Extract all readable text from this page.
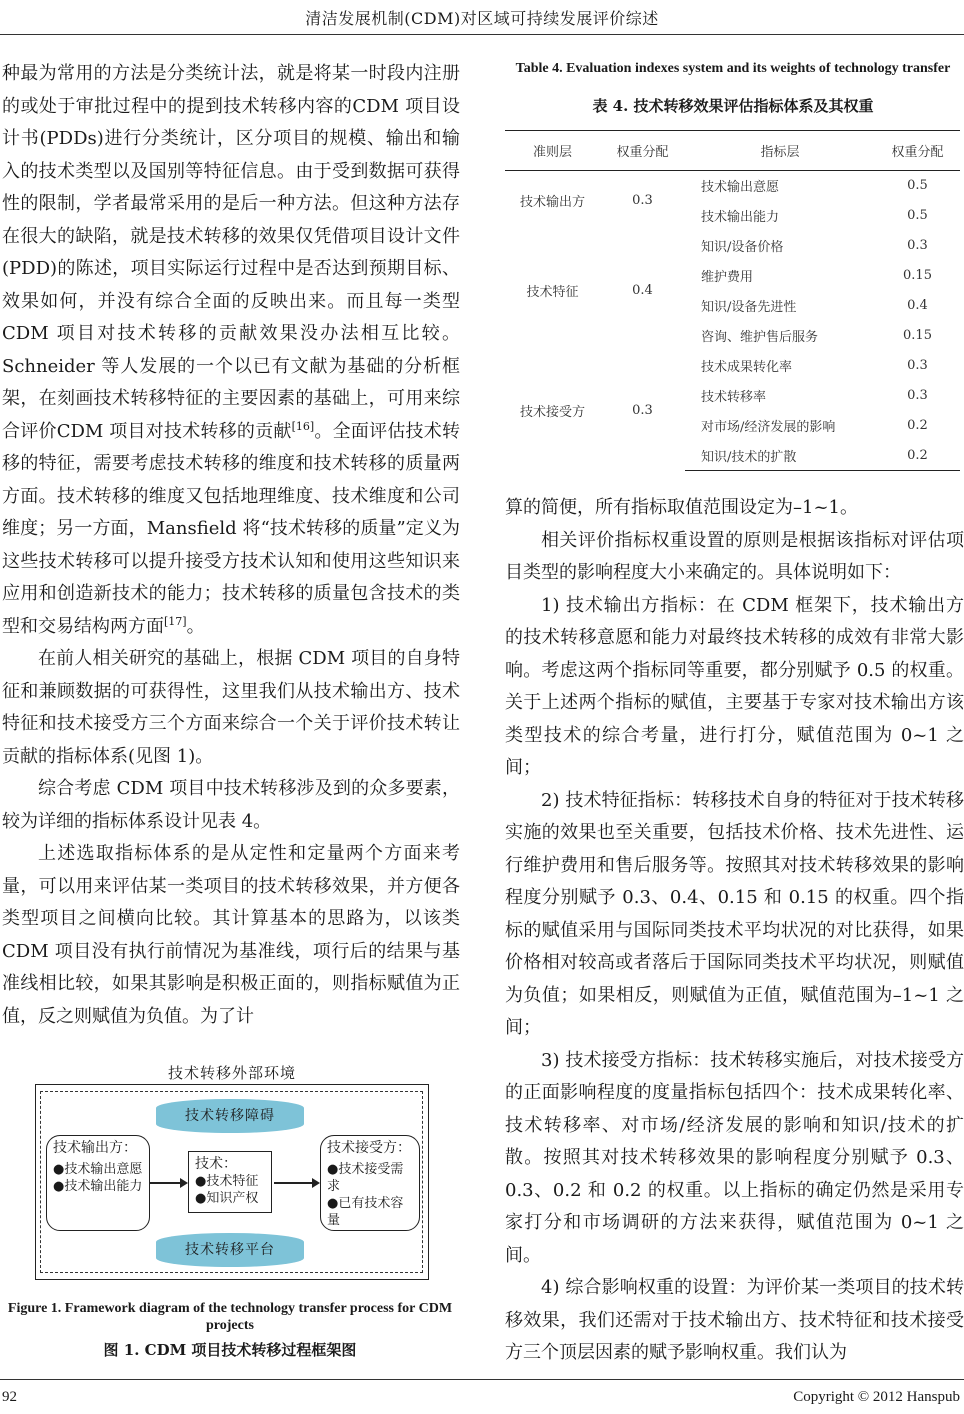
清洁发展机制(CDM)对区域可持续发展评价综述

种最为常用的方法是分类统计法，就是将某一时段内注册的或处于审批过程中的提到技术转移内容的CDM 项目设计书(PDDs)进行分类统计，区分项目的规模、输出和输入的技术类型以及国别等特征信息。由于受到数据可获得性的限制，学者最常采用的是后一种方法。但这种方法存在很大的缺陷，就是技术转移的效果仅凭借项目设计文件(PDD)的陈述，项目实际运行过程中是否达到预期目标、效果如何，并没有综合全面的反映出来。而且每一类型 CDM 项目对技术转移的贡献效果没办法相互比较。Schneider 等人发展的一个以已有文献为基础的分析框架，在刻画技术转移特征的主要因素的基础上，可用来综合评价CDM 项目对技术转移的贡献[16]。全面评估技术转移的特征，需要考虑技术转移的维度和技术转移的质量两方面。技术转移的维度又包括地理维度、技术维度和公司维度；另一方面，Mansfield 将“技术转移的质量”定义为这些技术转移可以提升接受方技术认知和使用这些知识来应用和创造新技术的能力；技术转移的质量包含技术的类型和交易结构两方面[17]。

在前人相关研究的基础上，根据 CDM 项目的自身特征和兼顾数据的可获得性，这里我们从技术输出方、技术特征和技术接受方三个方面来综合一个关于评价技术转让贡献的指标体系(见图 1)。

综合考虑 CDM 项目中技术转移涉及到的众多要素，较为详细的指标体系设计见表 4。

上述选取指标体系的是从定性和定量两个方面来考量，可以用来评估某一类项目的技术转移效果，并方便各类型项目之间横向比较。其计算基本的思路为，以该类 CDM 项目没有执行前情况为基准线，项行后的结果与基准线相比较，如果其影响是积极正面的，则指标赋值为正值，反之则赋值为负值。为了计

技术转移外部环境
技术转移障碍
技术转移平台
技术输出方：
●技术输出意愿
●技术输出能力
技术：
●技术特征
●知识产权
技术接受方：
●技术接受需求
●已有技术容量
Figure 1. Framework diagram of the technology transfer process for CDM projects
图 1. CDM 项目技术转移过程框架图
Table 4. Evaluation indexes system and its weights of technology transfer
表 4. 技术转移效果评估指标体系及其权重
准则层	权重分配	指标层	权重分配
技术输出方	0.3	技术输出意愿	0.5
		技术输出能力	0.5
技术特征	0.4	知识/设备价格	0.3
		维护费用	0.15
		知识/设备先进性	0.4
		咨询、维护售后服务	0.15
技术接受方	0.3	技术成果转化率	0.3
		技术转移率	0.3
		对市场/经济发展的影响	0.2
		知识/技术的扩散	0.2

算的简便，所有指标取值范围设定为–1~1。

相关评价指标权重设置的原则是根据该指标对评估项目类型的影响程度大小来确定的。具体说明如下：

1) 技术输出方指标：在 CDM 框架下，技术输出方的技术转移意愿和能力对最终技术转移的成效有非常大影响。考虑这两个指标同等重要，都分别赋予 0.5 的权重。关于上述两个指标的赋值，主要基于专家对技术输出方该类型技术的综合考量，进行打分，赋值范围为 0~1 之间；

2) 技术特征指标：转移技术自身的特征对于技术转移实施的效果也至关重要，包括技术价格、技术先进性、运行维护费用和售后服务等。按照其对技术转移效果的影响程度分别赋予 0.3、0.4、0.15 和 0.15 的权重。四个指标的赋值采用与国际同类技术平均状况的对比获得，如果价格相对较高或者落后于国际同类技术平均状况，则赋值为负值；如果相反，则赋值为正值，赋值范围为–1~1 之间；

3) 技术接受方指标：技术转移实施后，对技术接受方的正面影响程度的度量指标包括四个：技术成果转化率、技术转移率、对市场/经济发展的影响和知识/技术的扩散。按照其对技术转移效果的影响程度分别赋予 0.3、0.3、0.2 和 0.2 的权重。以上指标的确定仍然是采用专家打分和市场调研的方法来获得，赋值范围为 0~1 之间。

4) 综合影响权重的设置：为评价某一类项目的技术转移效果，我们还需对于技术输出方、技术特征和技术接受方三个顶层因素的赋予影响权重。我们认为

92	Copyright © 2012 Hanspub
